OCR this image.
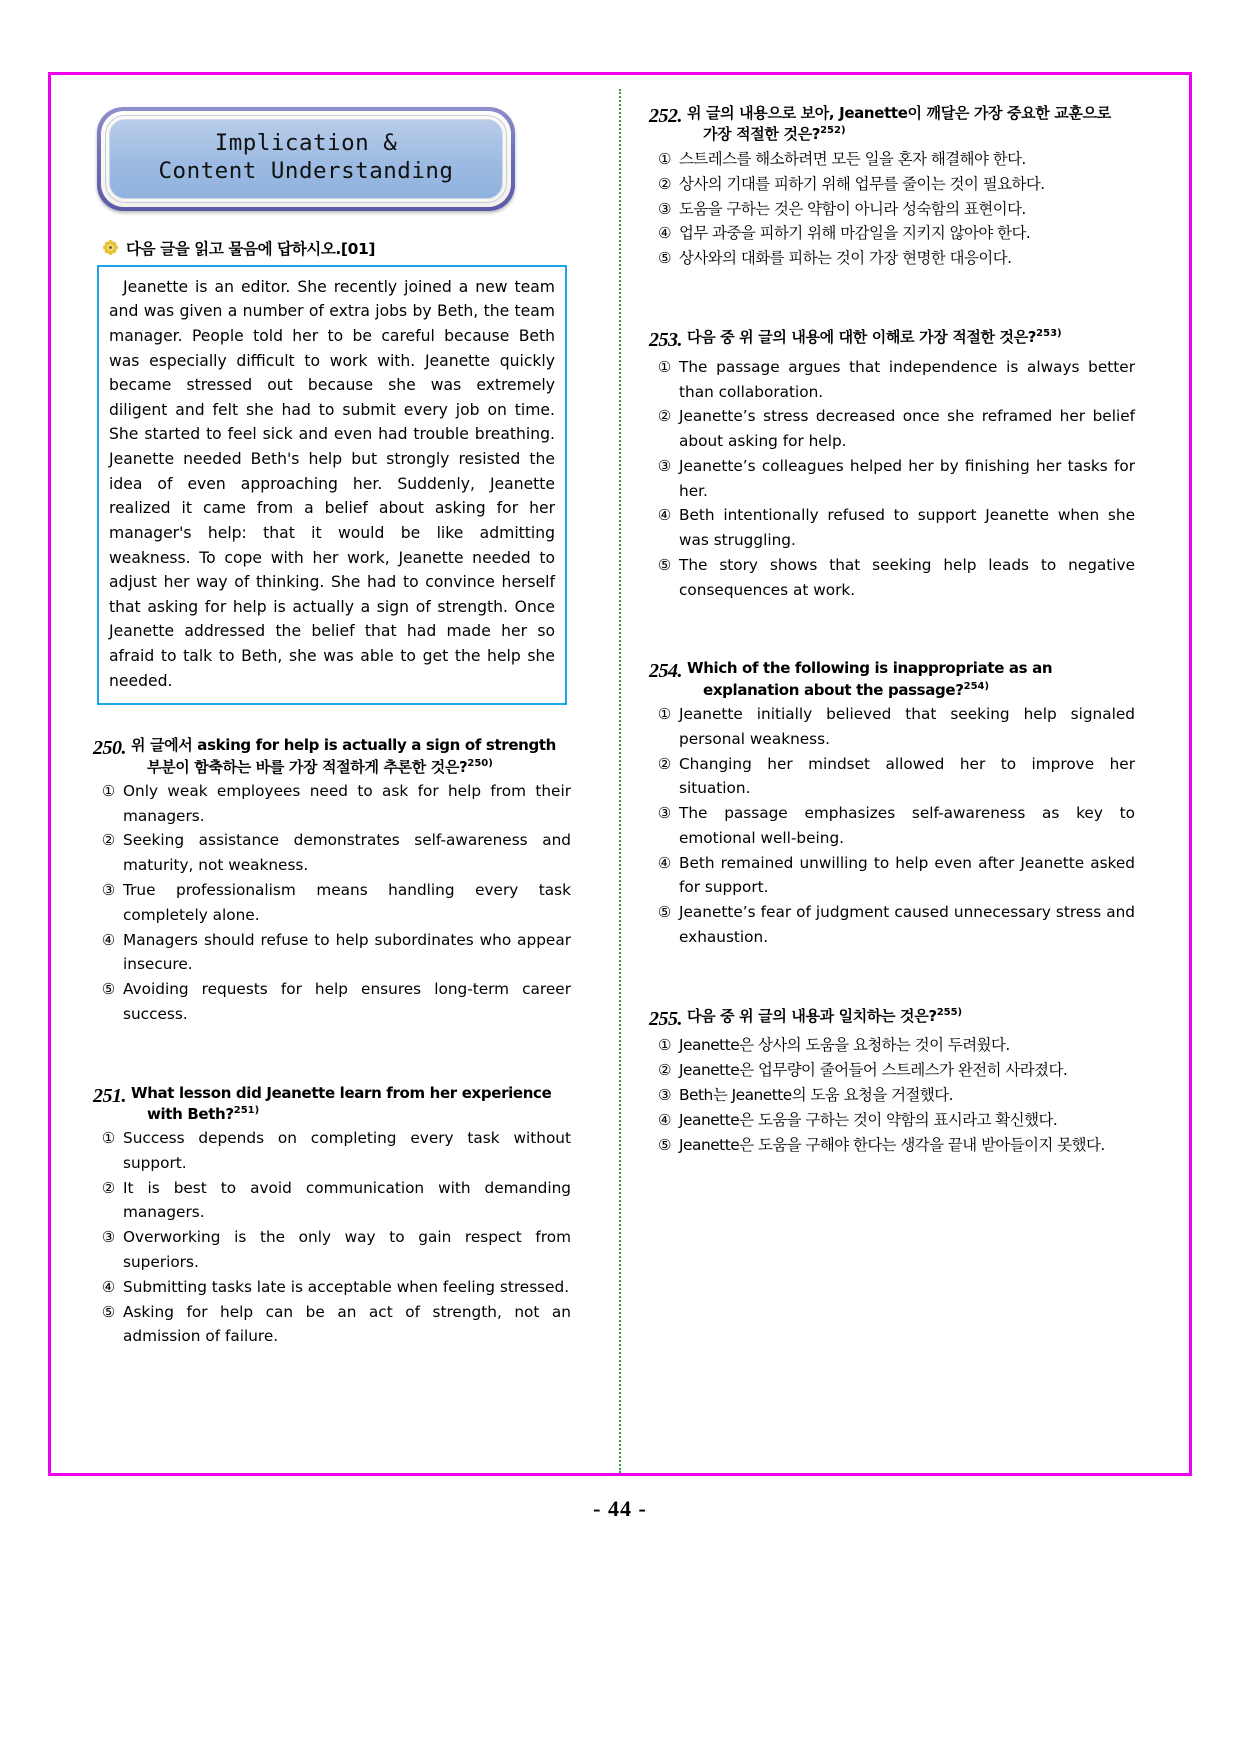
Implication &
Content Understanding
다음 글을 읽고 물음에 답하시오.[01]

Jeanette is an editor. She recently joined a new team and was given a number of extra jobs by Beth, the team manager. People told her to be careful because Beth was especially difficult to work with. Jeanette quickly became stressed out because she was extremely diligent and felt she had to submit every job on time. She started to feel sick and even had trouble breathing. Jeanette needed Beth's help but strongly resisted the idea of even approaching her. Suddenly, Jeanette realized it came from a belief about asking for her manager's help: that it would be like admitting weakness. To cope with her work, Jeanette needed to adjust her way of thinking. She had to convince herself that asking for help is actually a sign of strength. Once Jeanette addressed the belief that had made her so afraid to talk to Beth, she was able to get the help she needed.

250. 위 글에서 asking for help is actually a sign of strength
부분이 함축하는 바를 가장 적절하게 추론한 것은?$^{250)}$
① Only weak employees need to ask for help from their managers.
② Seeking assistance demonstrates self-awareness and maturity, not weakness.
③ True professionalism means handling every task completely alone.
④ Managers should refuse to help subordinates who appear insecure.
⑤ Avoiding requests for help ensures long-term career success.
251. What lesson did Jeanette learn from her experience
with Beth?$^{251)}$
① Success depends on completing every task without support.
② It is best to avoid communication with demanding managers.
③ Overworking is the only way to gain respect from superiors.
④ Submitting tasks late is acceptable when feeling stressed.
⑤ Asking for help can be an act of strength, not an admission of failure.
252. 위 글의 내용으로 보아, Jeanette이 깨달은 가장 중요한 교훈으로
가장 적절한 것은?$^{252)}$
① 스트레스를 해소하려면 모든 일을 혼자 해결해야 한다.
② 상사의 기대를 피하기 위해 업무를 줄이는 것이 필요하다.
③ 도움을 구하는 것은 약함이 아니라 성숙함의 표현이다.
④ 업무 과중을 피하기 위해 마감일을 지키지 않아야 한다.
⑤ 상사와의 대화를 피하는 것이 가장 현명한 대응이다.
253. 다음 중 위 글의 내용에 대한 이해로 가장 적절한 것은?$^{253)}$
① The passage argues that independence is always better than collaboration.
② Jeanette’s stress decreased once she reframed her belief about asking for help.
③ Jeanette’s colleagues helped her by finishing her tasks for her.
④ Beth intentionally refused to support Jeanette when she was struggling.
⑤ The story shows that seeking help leads to negative consequences at work.
254. Which of the following is inappropriate as an
explanation about the passage?$^{254)}$
① Jeanette initially believed that seeking help signaled personal weakness.
② Changing her mindset allowed her to improve her situation.
③ The passage emphasizes self-awareness as key to emotional well-being.
④ Beth remained unwilling to help even after Jeanette asked for support.
⑤ Jeanette’s fear of judgment caused unnecessary stress and exhaustion.
255. 다음 중 위 글의 내용과 일치하는 것은?$^{255)}$
① Jeanette은 상사의 도움을 요청하는 것이 두려웠다.
② Jeanette은 업무량이 줄어들어 스트레스가 완전히 사라졌다.
③ Beth는 Jeanette의 도움 요청을 거절했다.
④ Jeanette은 도움을 구하는 것이 약함의 표시라고 확신했다.
⑤ Jeanette은 도움을 구해야 한다는 생각을 끝내 받아들이지 못했다.
- 44 -
